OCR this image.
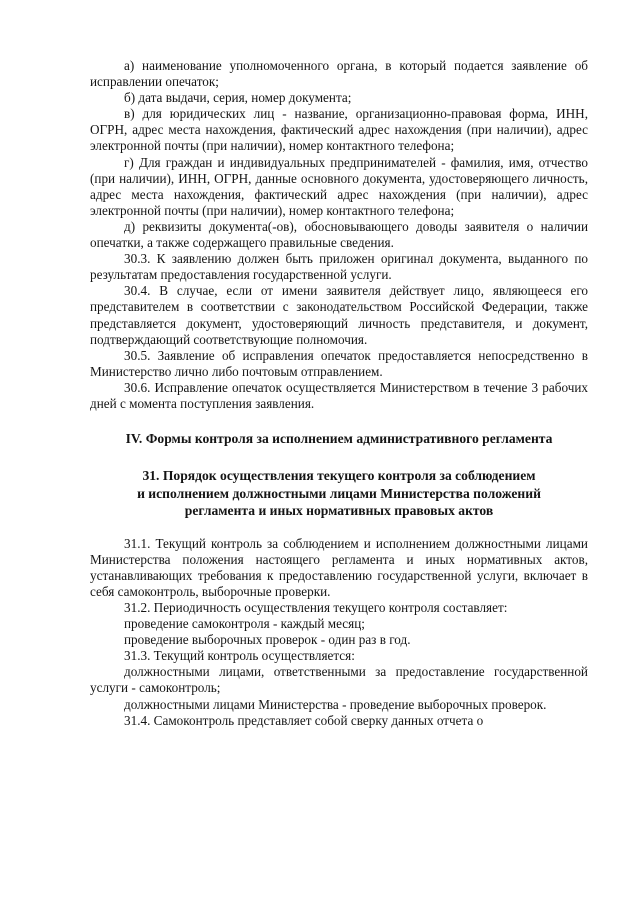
а) наименование уполномоченного органа, в который подается заявление об исправлении опечаток;

б) дата выдачи, серия, номер документа;

в) для юридических лиц - название, организационно-правовая форма, ИНН, ОГРН, адрес места нахождения, фактический адрес нахождения (при наличии), адрес электронной почты (при наличии), номер контактного телефона;

г) Для граждан и индивидуальных предпринимателей - фамилия, имя, отчество (при наличии), ИНН, ОГРН, данные основного документа, удостоверяющего личность, адрес места нахождения, фактический адрес нахождения (при наличии), адрес электронной почты (при наличии), номер контактного телефона;

д) реквизиты документа(-ов), обосновывающего доводы заявителя о наличии опечатки, а также содержащего правильные сведения.

30.3. К заявлению должен быть приложен оригинал документа, выданного по результатам предоставления государственной услуги.

30.4. В случае, если от имени заявителя действует лицо, являющееся его представителем в соответствии с законодательством Российской Федерации, также представляется документ, удостоверяющий личность представителя, и документ, подтверждающий соответствующие полномочия.

30.5. Заявление об исправления опечаток предоставляется непосредственно в Министерство лично либо почтовым отправлением.

30.6. Исправление опечаток осуществляется Министерством в течение 3 рабочих дней с момента поступления заявления.

IV. Формы контроля за исполнением административного регламента
31. Порядок осуществления текущего контроля за соблюдением
и исполнением должностными лицами Министерства положений
регламента и иных нормативных правовых актов

31.1. Текущий контроль за соблюдением и исполнением должностными лицами Министерства положения настоящего регламента и иных нормативных актов, устанавливающих требования к предоставлению государственной услуги, включает в себя самоконтроль, выборочные проверки.

31.2. Периодичность осуществления текущего контроля составляет:

проведение самоконтроля - каждый месяц;

проведение выборочных проверок - один раз в год.

31.3. Текущий контроль осуществляется:

должностными лицами, ответственными за предоставление государственной услуги - самоконтроль;

должностными лицами Министерства - проведение выборочных проверок.

31.4. Самоконтроль представляет собой сверку данных отчета о
